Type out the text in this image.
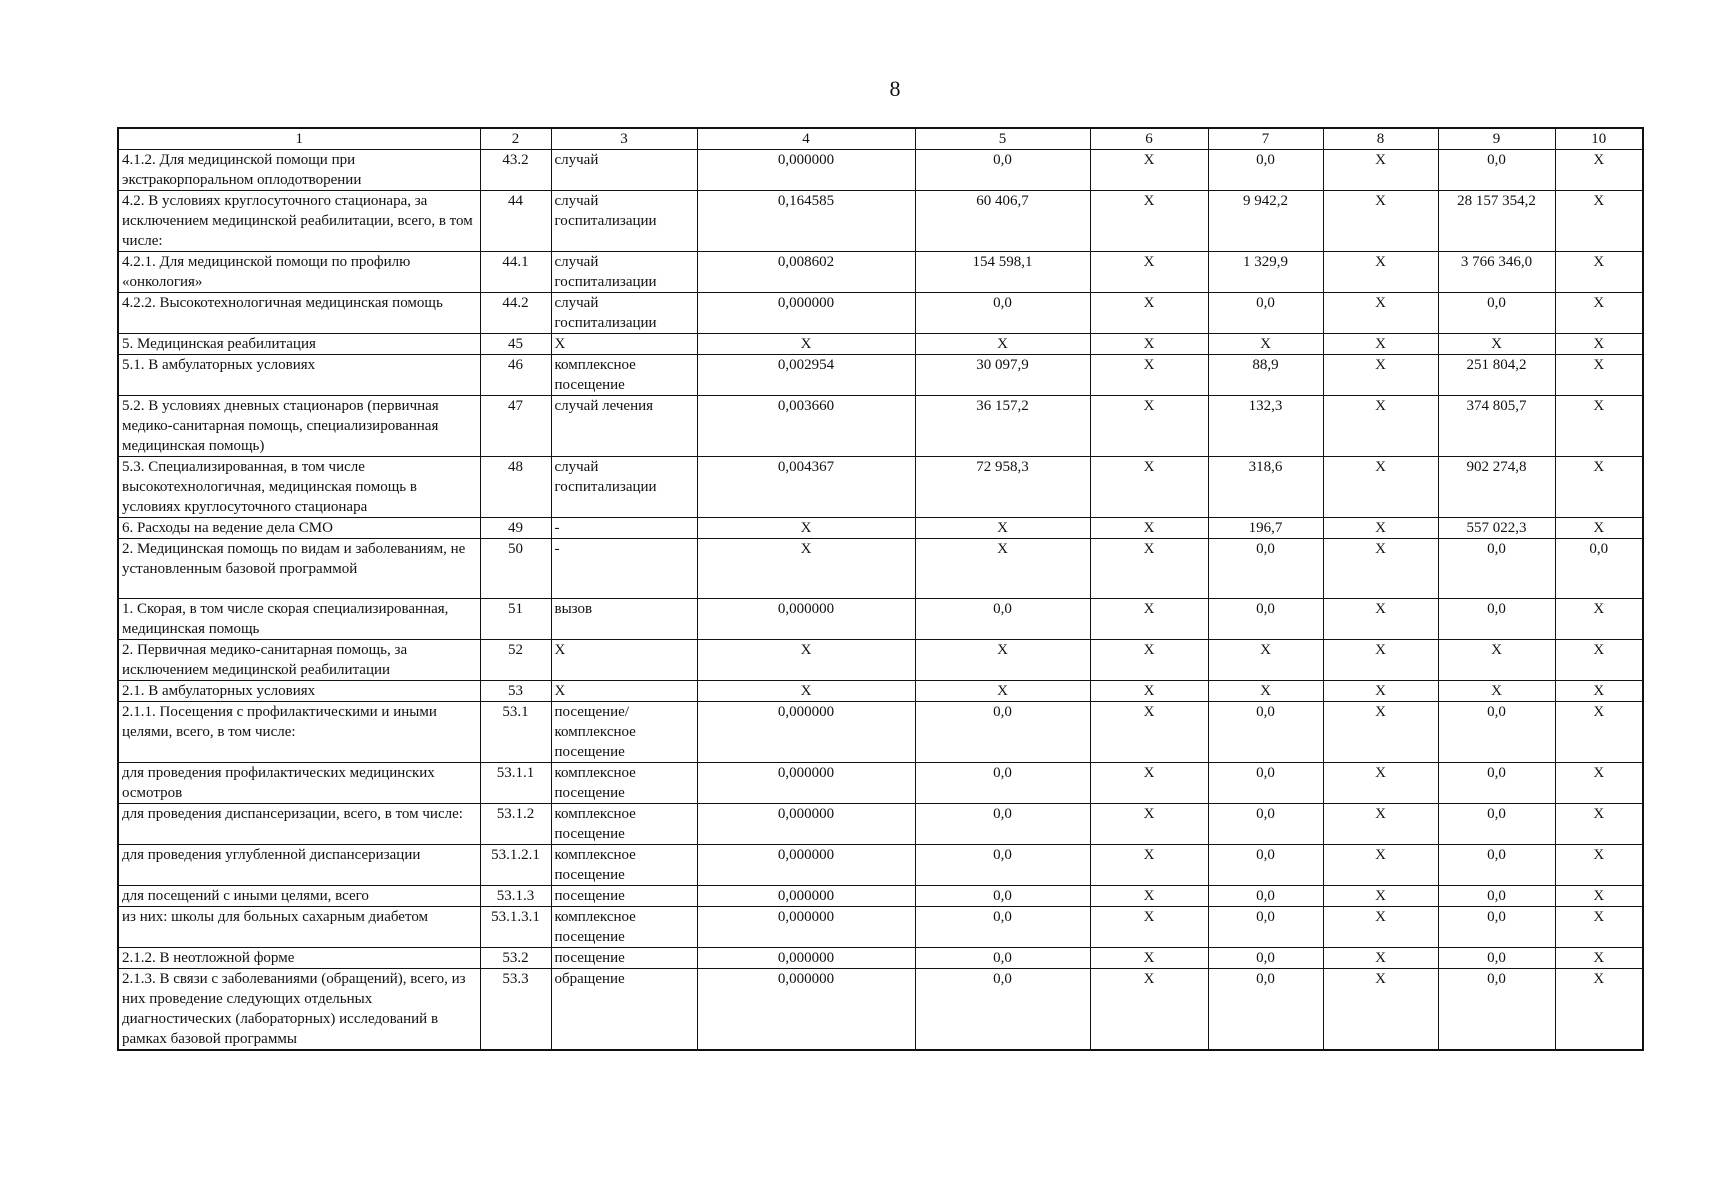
8
1	2	3	4	5	6	7	8	9	10
4.1.2. Для медицинской помощи при экстракорпоральном оплодотворении	43.2	случай	0,000000	0,0	X	0,0	X	0,0	X
4.2. В условиях круглосуточного стационара, за исключением медицинской реабилитации, всего, в том числе:	44	случай госпитализации	0,164585	60 406,7	X	9 942,2	X	28 157 354,2	X
4.2.1. Для медицинской помощи по профилю «онкология»	44.1	случай госпитализации	0,008602	154 598,1	X	1 329,9	X	3 766 346,0	X
4.2.2. Высокотехнологичная медицинская помощь	44.2	случай госпитализации	0,000000	0,0	X	0,0	X	0,0	X
5. Медицинская реабилитация	45	X	X	X	X	X	X	X	X
5.1. В амбулаторных условиях	46	комплексное посещение	0,002954	30 097,9	X	88,9	X	251 804,2	X
5.2. В условиях дневных стационаров (первичная медико-санитарная помощь, специализированная медицинская помощь)	47	случай лечения	0,003660	36 157,2	X	132,3	X	374 805,7	X
5.3. Специализированная, в том числе высокотехнологичная, медицинская помощь в условиях круглосуточного стационара	48	случай госпитализации	0,004367	72 958,3	X	318,6	X	902 274,8	X
6. Расходы на ведение дела СМО	49	-	X	X	X	196,7	X	557 022,3	X
2. Медицинская помощь по видам и заболеваниям, не установленным базовой программой	50	-	X	X	X	0,0	X	0,0	0,0
1. Скорая, в том числе скорая специализированная, медицинская помощь	51	вызов	0,000000	0,0	X	0,0	X	0,0	X
2. Первичная медико-санитарная помощь, за исключением медицинской реабилитации	52	X	X	X	X	X	X	X	X
2.1. В амбулаторных условиях	53	X	X	X	X	X	X	X	X
2.1.1. Посещения с профилактическими и иными целями, всего, в том числе:	53.1	посещение/ комплексное посещение	0,000000	0,0	X	0,0	X	0,0	X
для проведения профилактических медицинских осмотров	53.1.1	комплексное посещение	0,000000	0,0	X	0,0	X	0,0	X
для проведения диспансеризации, всего, в том числе:	53.1.2	комплексное посещение	0,000000	0,0	X	0,0	X	0,0	X
для проведения углубленной диспансеризации	53.1.2.1	комплексное посещение	0,000000	0,0	X	0,0	X	0,0	X
для посещений с иными целями, всего	53.1.3	посещение	0,000000	0,0	X	0,0	X	0,0	X
из них: школы для больных сахарным диабетом	53.1.3.1	комплексное посещение	0,000000	0,0	X	0,0	X	0,0	X
2.1.2. В неотложной форме	53.2	посещение	0,000000	0,0	X	0,0	X	0,0	X
2.1.3. В связи с заболеваниями (обращений), всего, из них проведение следующих отдельных диагностических (лабораторных) исследований в рамках базовой программы	53.3	обращение	0,000000	0,0	X	0,0	X	0,0	X
